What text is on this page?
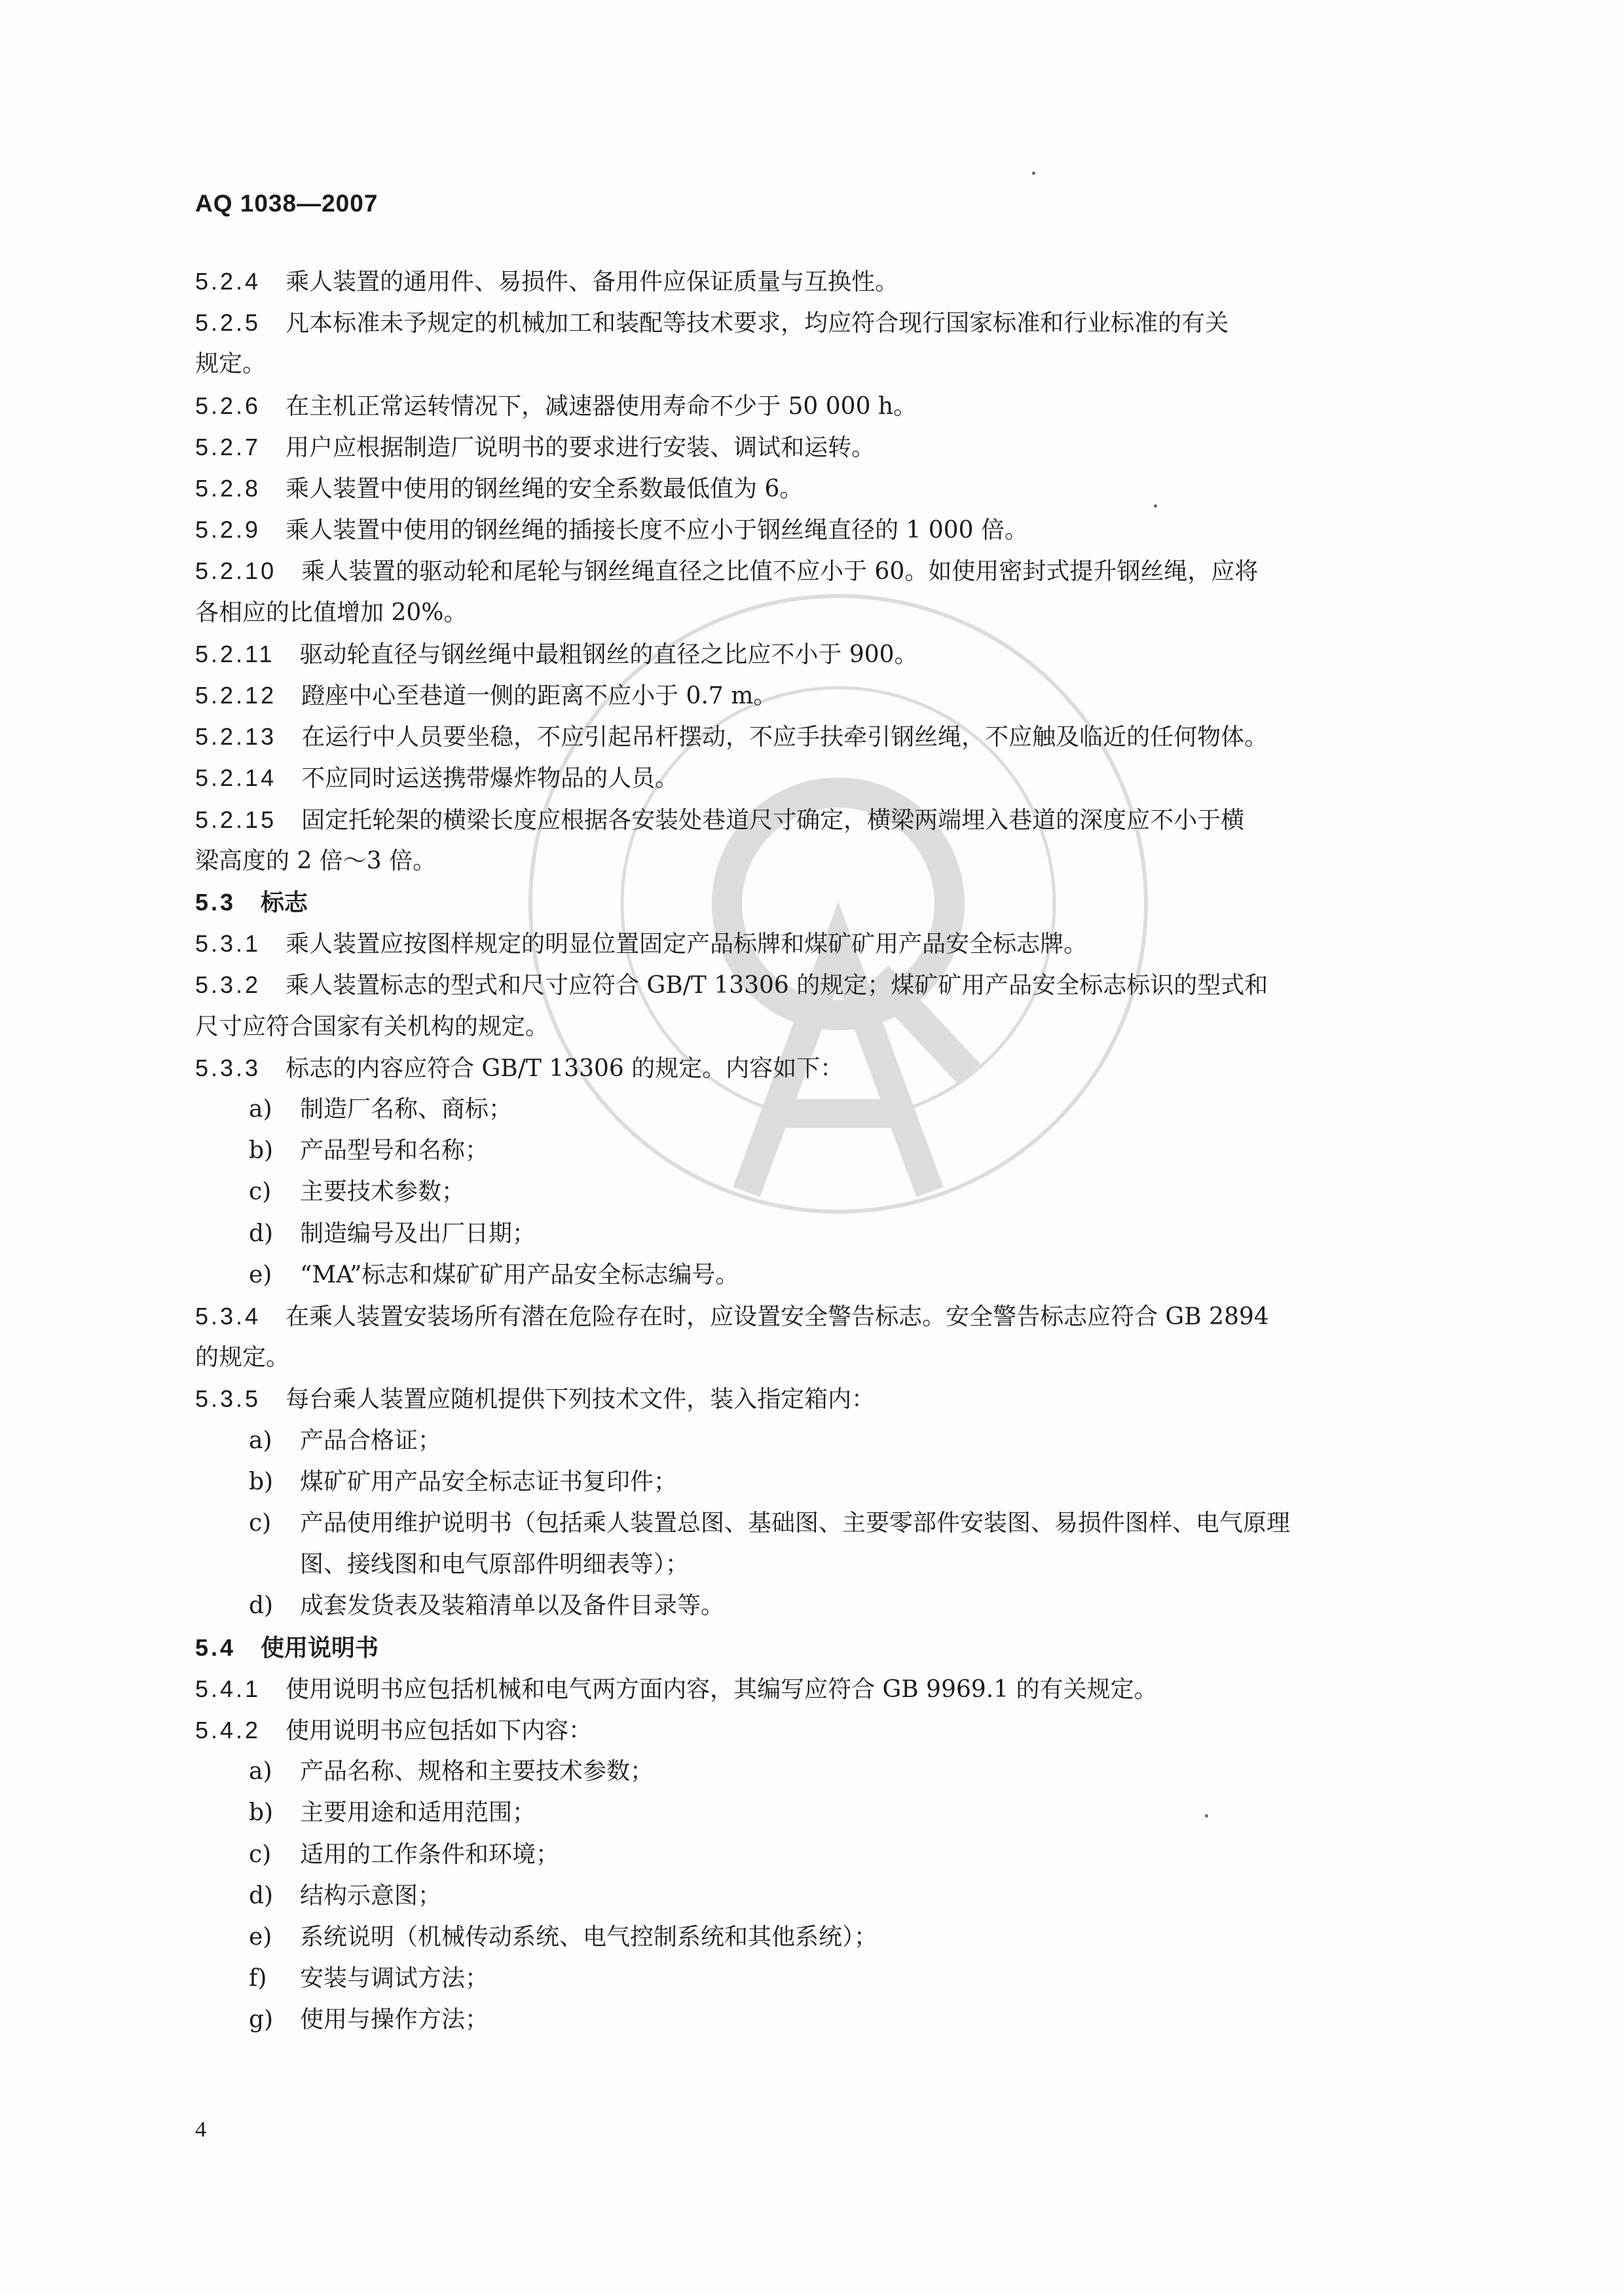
AQ 1038—2007
5.2.4 乘人装置的通用件、易损件、备用件应保证质量与互换性。
5.2.5 凡本标准未予规定的机械加工和装配等技术要求，均应符合现行国家标准和行业标准的有关
规定。
5.2.6 在主机正常运转情况下，减速器使用寿命不少于 50 000 h。
5.2.7 用户应根据制造厂说明书的要求进行安装、调试和运转。
5.2.8 乘人装置中使用的钢丝绳的安全系数最低值为 6。
5.2.9 乘人装置中使用的钢丝绳的插接长度不应小于钢丝绳直径的 1 000 倍。
5.2.10 乘人装置的驱动轮和尾轮与钢丝绳直径之比值不应小于 60。如使用密封式提升钢丝绳，应将
各相应的比值增加 20%。
5.2.11 驱动轮直径与钢丝绳中最粗钢丝的直径之比应不小于 900。
5.2.12 蹬座中心至巷道一侧的距离不应小于 0.7 m。
5.2.13 在运行中人员要坐稳，不应引起吊杆摆动，不应手扶牵引钢丝绳，不应触及临近的任何物体。
5.2.14 不应同时运送携带爆炸物品的人员。
5.2.15 固定托轮架的横梁长度应根据各安装处巷道尺寸确定，横梁两端埋入巷道的深度应不小于横
梁高度的 2 倍～3 倍。
5.3 标志
5.3.1 乘人装置应按图样规定的明显位置固定产品标牌和煤矿矿用产品安全标志牌。
5.3.2 乘人装置标志的型式和尺寸应符合 GB/T 13306 的规定；煤矿矿用产品安全标志标识的型式和
尺寸应符合国家有关机构的规定。
5.3.3 标志的内容应符合 GB/T 13306 的规定。内容如下：
a) 制造厂名称、商标；
b) 产品型号和名称；
c) 主要技术参数；
d) 制造编号及出厂日期；
e) “MA”标志和煤矿矿用产品安全标志编号。
5.3.4 在乘人装置安装场所有潜在危险存在时，应设置安全警告标志。安全警告标志应符合 GB 2894
的规定。
5.3.5 每台乘人装置应随机提供下列技术文件，装入指定箱内：
a) 产品合格证；
b) 煤矿矿用产品安全标志证书复印件；
c) 产品使用维护说明书（包括乘人装置总图、基础图、主要零部件安装图、易损件图样、电气原理
图、接线图和电气原部件明细表等）；
d) 成套发货表及装箱清单以及备件目录等。
5.4 使用说明书
5.4.1 使用说明书应包括机械和电气两方面内容，其编写应符合 GB 9969.1 的有关规定。
5.4.2 使用说明书应包括如下内容：
a) 产品名称、规格和主要技术参数；
b) 主要用途和适用范围；
c) 适用的工作条件和环境；
d) 结构示意图；
e) 系统说明（机械传动系统、电气控制系统和其他系统）；
f) 安装与调试方法；
g) 使用与操作方法；
4
